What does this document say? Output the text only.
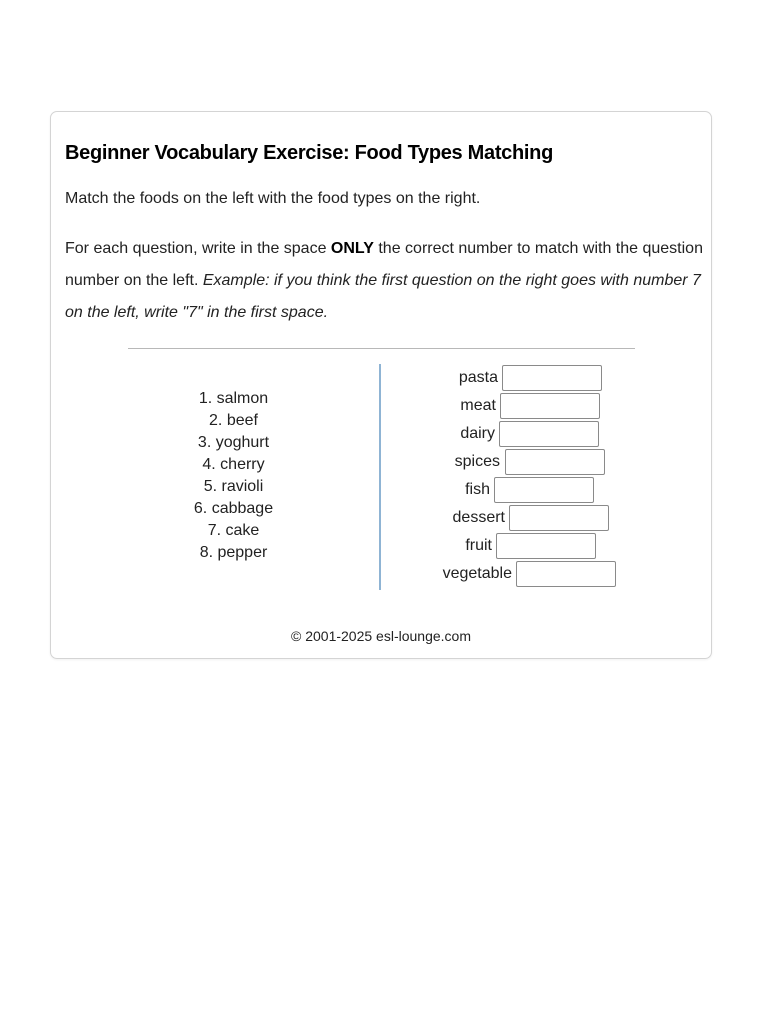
Beginner Vocabulary Exercise: Food Types Matching
Match the foods on the left with the food types on the right.
For each question, write in the space ONLY the correct number to match with the question number on the left. Example: if you think the first question on the right goes with number 7 on the left, write "7" in the first space.
1. salmon
2. beef
3. yoghurt
4. cherry
5. ravioli
6. cabbage
7. cake
8. pepper
pasta
meat
dairy
spices
fish
dessert
fruit
vegetable
© 2001-2025 esl-lounge.com
